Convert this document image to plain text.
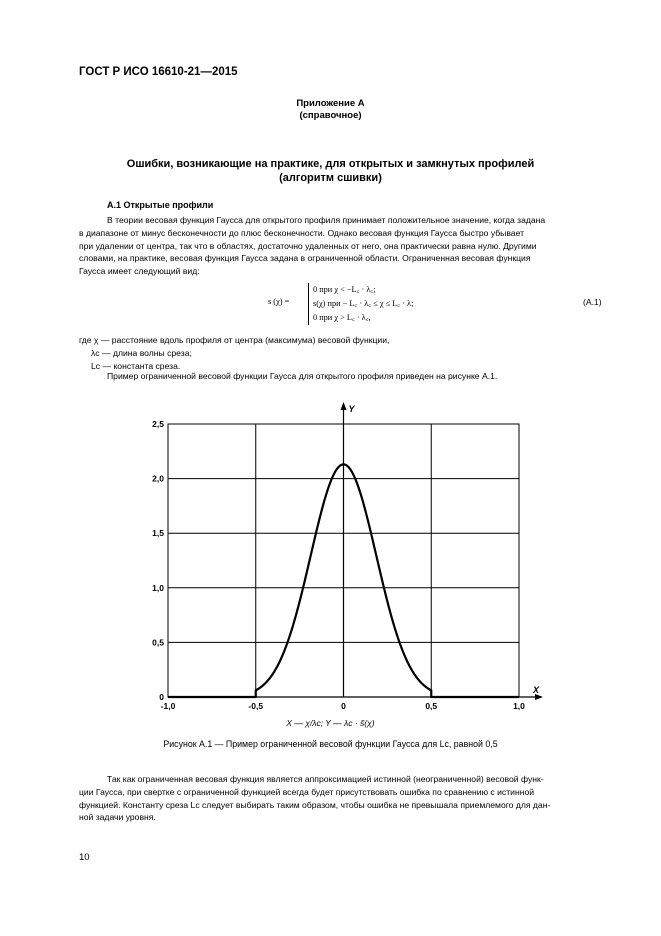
ГОСТ Р ИСО 16610-21—2015
Приложение А
(справочное)
Ошибки, возникающие на практике, для открытых и замкнутых профилей
(алгоритм сшивки)
A.1 Открытые профили
В теории весовая функция Гаусса для открытого профиля принимает положительное значение, когда задана
в диапазоне от минус бесконечности до плюс бесконечности. Однако весовая функция Гаусса быстро убывает
при удалении от центра, так что в областях, достаточно удаленных от него, она практически равна нулю. Другими
словами, на практике, весовая функция Гаусса задана в ограниченной области. Ограниченная весовая функция
Гаусса имеет следующий вид:
s (χ) =
0 при χ < −L꜀ · λ꜀;
s(χ) при − L꜀ · λ꜀ ≤ χ ≤ L꜀ · λ;
0 при χ > L꜀ · λ꜀,
(A.1)
где χ — расстояние вдоль профиля от центра (максимума) весовой функции,
λc — длина волны среза;
Lc — константа среза.
Пример ограниченной весовой функции Гаусса для открытого профиля приведен на рисунке А.1.
0
0,5
1,0
1,5
2,0
2,5
-1,0	-0,5	0	0,5	1,0
X
Y
X — χ/λc; Y — λc · s̃(χ)
Рисунок А.1 — Пример ограниченной весовой функции Гаусса для Lc, равной 0,5
Так как ограниченная весовая функция является аппроксимацией истинной (неограниченной) весовой функ-
ции Гаусса, при свертке с ограниченной функцией всегда будет присутствовать ошибка по сравнению с истинной
функцией. Константу среза Lc следует выбирать таким образом, чтобы ошибка не превышала приемлемого для дан-
ной задачи уровня.
10
